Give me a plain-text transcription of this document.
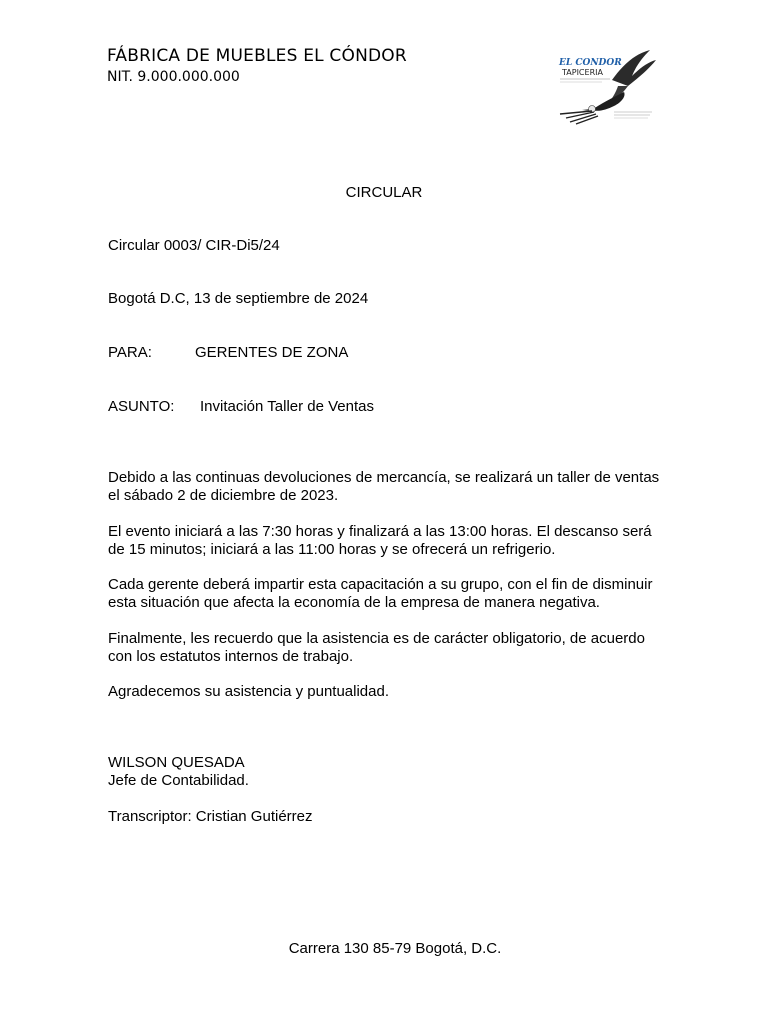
FÁBRICA DE MUEBLES EL CÓNDOR
NIT. 9.000.000.000
EL CONDOR
TAPICERIA
CIRCULAR
Circular 0003/ CIR-Di5/24
Bogotá D.C, 13 de septiembre de 2024
PARA:	GERENTES DE ZONA
ASUNTO: Invitación Taller de Ventas
Debido a las continuas devoluciones de mercancía, se realizará un taller de ventas el sábado 2 de diciembre de 2023.
El evento iniciará a las 7:30 horas y finalizará a las 13:00 horas. El descanso será de 15 minutos; iniciará a las 11:00 horas y se ofrecerá un refrigerio.
Cada gerente deberá impartir esta capacitación a su grupo, con el fin de disminuir esta situación que afecta la economía de la empresa de manera negativa.
Finalmente, les recuerdo que la asistencia es de carácter obligatorio, de acuerdo con los estatutos internos de trabajo.
Agradecemos su asistencia y puntualidad.
WILSON QUESADA
Jefe de Contabilidad.
Transcriptor: Cristian Gutiérrez
Carrera 130 85-79 Bogotá, D.C.
